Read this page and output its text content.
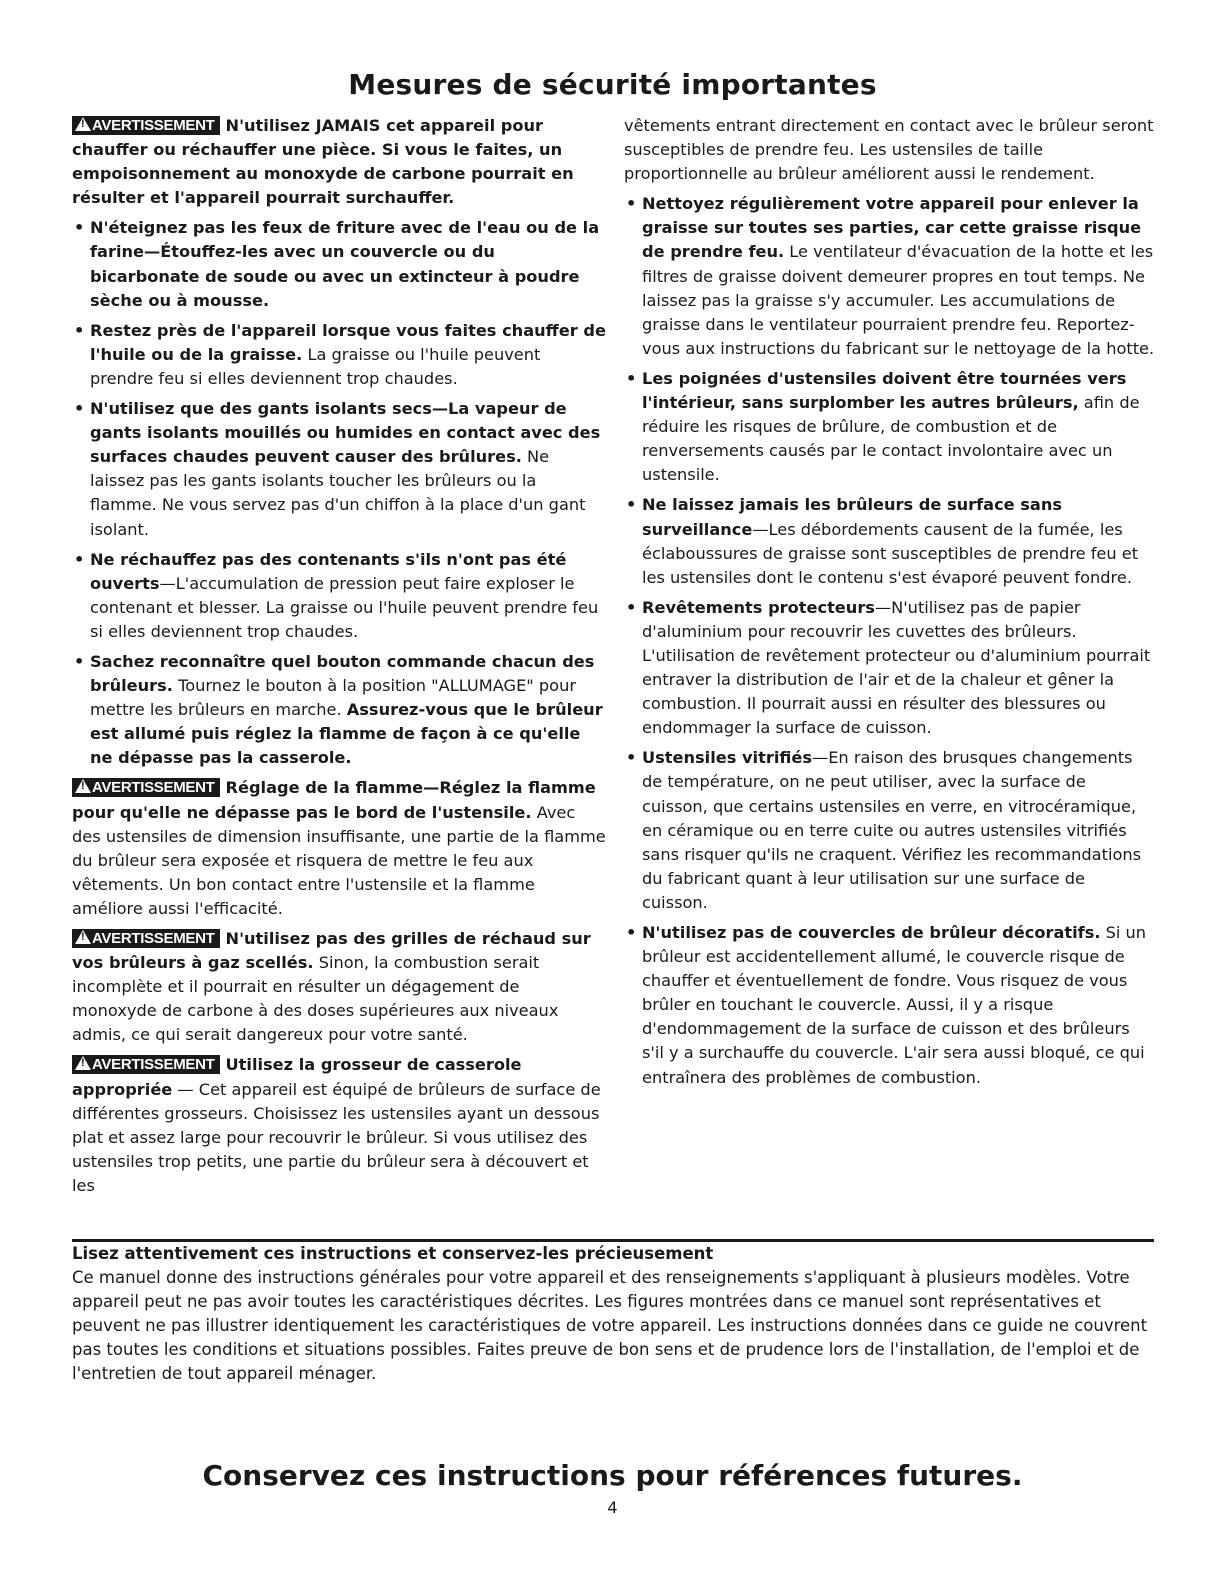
Mesures de sécurité importantes

!AVERTISSEMENT N'utilisez JAMAIS cet appareil pour chauffer ou réchauffer une pièce. Si vous le faites, un empoisonnement au monoxyde de carbone pourrait en résulter et l'appareil pourrait surchauffer.

• N'éteignez pas les feux de friture avec de l'eau ou de la farine—Étouffez-les avec un couvercle ou du bicarbonate de soude ou avec un extincteur à poudre sèche ou à mousse.
• Restez près de l'appareil lorsque vous faites chauffer de l'huile ou de la graisse. La graisse ou l'huile peuvent prendre feu si elles deviennent trop chaudes.
• N'utilisez que des gants isolants secs—La vapeur de gants isolants mouillés ou humides en contact avec des surfaces chaudes peuvent causer des brûlures. Ne laissez pas les gants isolants toucher les brûleurs ou la flamme. Ne vous servez pas d'un chiffon à la place d'un gant isolant.
• Ne réchauffez pas des contenants s'ils n'ont pas été ouverts—L'accumulation de pression peut faire exploser le contenant et blesser. La graisse ou l'huile peuvent prendre feu si elles deviennent trop chaudes.
• Sachez reconnaître quel bouton commande chacun des brûleurs. Tournez le bouton à la position "ALLUMAGE" pour mettre les brûleurs en marche. Assurez-vous que le brûleur est allumé puis réglez la flamme de façon à ce qu'elle ne dépasse pas la casserole.

!AVERTISSEMENT Réglage de la flamme—Réglez la flamme pour qu'elle ne dépasse pas le bord de l'ustensile. Avec des ustensiles de dimension insuffisante, une partie de la flamme du brûleur sera exposée et risquera de mettre le feu aux vêtements. Un bon contact entre l'ustensile et la flamme améliore aussi l'efficacité.

!AVERTISSEMENT N'utilisez pas des grilles de réchaud sur vos brûleurs à gaz scellés. Sinon, la combustion serait incomplète et il pourrait en résulter un dégagement de monoxyde de carbone à des doses supérieures aux niveaux admis, ce qui serait dangereux pour votre santé.

!AVERTISSEMENT Utilisez la grosseur de casserole appropriée — Cet appareil est équipé de brûleurs de surface de différentes grosseurs. Choisissez les ustensiles ayant un dessous plat et assez large pour recouvrir le brûleur. Si vous utilisez des ustensiles trop petits, une partie du brûleur sera à découvert et les

vêtements entrant directement en contact avec le brûleur seront susceptibles de prendre feu. Les ustensiles de taille proportionnelle au brûleur améliorent aussi le rendement.

• Nettoyez régulièrement votre appareil pour enlever la graisse sur toutes ses parties, car cette graisse risque de prendre feu. Le ventilateur d'évacuation de la hotte et les filtres de graisse doivent demeurer propres en tout temps. Ne laissez pas la graisse s'y accumuler. Les accumulations de graisse dans le ventilateur pourraient prendre feu. Reportez-vous aux instructions du fabricant sur le nettoyage de la hotte.
• Les poignées d'ustensiles doivent être tournées vers l'intérieur, sans surplomber les autres brûleurs, afin de réduire les risques de brûlure, de combustion et de renversements causés par le contact involontaire avec un ustensile.
• Ne laissez jamais les brûleurs de surface sans surveillance—Les débordements causent de la fumée, les éclaboussures de graisse sont susceptibles de prendre feu et les ustensiles dont le contenu s'est évaporé peuvent fondre.
• Revêtements protecteurs—N'utilisez pas de papier d'aluminium pour recouvrir les cuvettes des brûleurs. L'utilisation de revêtement protecteur ou d'aluminium pourrait entraver la distribution de l'air et de la chaleur et gêner la combustion. Il pourrait aussi en résulter des blessures ou endommager la surface de cuisson.
• Ustensiles vitrifiés—En raison des brusques changements de température, on ne peut utiliser, avec la surface de cuisson, que certains ustensiles en verre, en vitrocéramique, en céramique ou en terre cuite ou autres ustensiles vitrifiés sans risquer qu'ils ne craquent. Vérifiez les recommandations du fabricant quant à leur utilisation sur une surface de cuisson.
• N'utilisez pas de couvercles de brûleur décoratifs. Si un brûleur est accidentellement allumé, le couvercle risque de chauffer et éventuellement de fondre. Vous risquez de vous brûler en touchant le couvercle. Aussi, il y a risque d'endommagement de la surface de cuisson et des brûleurs s'il y a surchauffe du couvercle. L'air sera aussi bloqué, ce qui entraînera des problèmes de combustion.
Lisez attentivement ces instructions et conservez-les précieusement

Ce manuel donne des instructions générales pour votre appareil et des renseignements s'appliquant à plusieurs modèles. Votre appareil peut ne pas avoir toutes les caractéristiques décrites. Les figures montrées dans ce manuel sont représentatives et peuvent ne pas illustrer identiquement les caractéristiques de votre appareil. Les instructions données dans ce guide ne couvrent pas toutes les conditions et situations possibles. Faites preuve de bon sens et de prudence lors de l'installation, de l'emploi et de l'entretien de tout appareil ménager.

Conservez ces instructions pour références futures.
4
